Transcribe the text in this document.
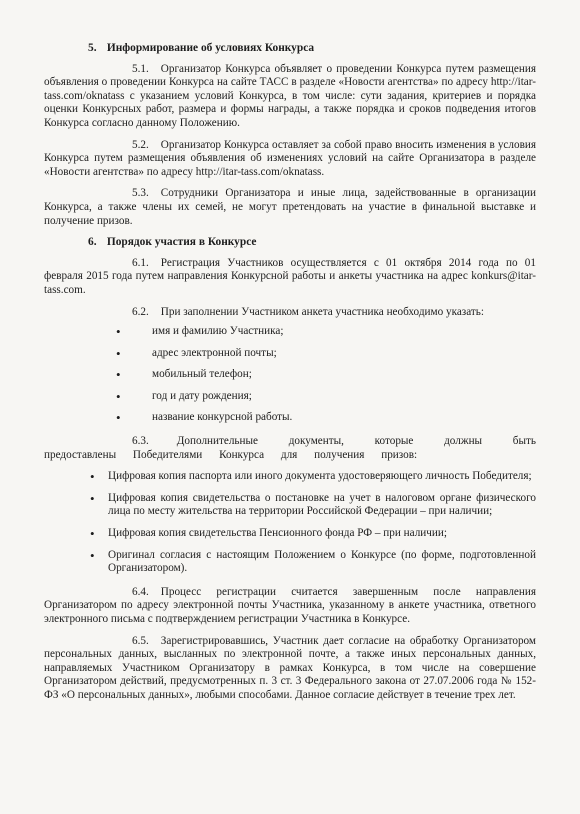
5. Информирование об условиях Конкурса

5.1. Организатор Конкурса объявляет о проведении Конкурса путем размещения объявления о проведении Конкурса на сайте ТАСС в разделе «Новости агентства» по адресу http://itar-tass.com/oknatass с указанием условий Конкурса, в том числе: сути задания, критериев и порядка оценки Конкурсных работ, размера и формы награды, а также порядка и сроков подведения итогов Конкурса согласно данному Положению.

5.2. Организатор Конкурса оставляет за собой право вносить изменения в условия Конкурса путем размещения объявления об изменениях условий на сайте Организатора в разделе «Новости агентства» по адресу http://itar-tass.com/oknatass.

5.3. Сотрудники Организатора и иные лица, задействованные в организации Конкурса, а также члены их семей, не могут претендовать на участие в финальной выставке и получение призов.

6. Порядок участия в Конкурсе

6.1. Регистрация Участников осуществляется с 01 октября 2014 года по 01 февраля 2015 года путем направления Конкурсной работы и анкеты участника на адрес konkurs@itar-tass.com.

6.2. При заполнении Участником анкета участника необходимо указать:

• имя и фамилию Участника;
• адрес электронной почты;
• мобильный телефон;
• год и дату рождения;
• название конкурсной работы.

6.3.	Дополнительные документы, которые должны быть предоставлены Победителями Конкурса для получения призов:

• Цифровая копия паспорта или иного документа удостоверяющего личность Победителя;
• Цифровая копия свидетельства о постановке на учет в налоговом органе физического лица по месту жительства на территории Российской Федерации – при наличии;
• Цифровая копия свидетельства Пенсионного фонда РФ – при наличии;
• Оригинал согласия с настоящим Положением о Конкурсе (по форме, подготовленной Организатором).

6.4. Процесс регистрации считается завершенным после направления Организатором по адресу электронной почты Участника, указанному в анкете участника, ответного электронного письма с подтверждением регистрации Участника в Конкурсе.

6.5. Зарегистрировавшись, Участник дает согласие на обработку Организатором персональных данных, высланных по электронной почте, а также иных персональных данных, направляемых Участником Организатору в рамках Конкурса, в том числе на совершение Организатором действий, предусмотренных п. 3 ст. 3 Федерального закона от 27.07.2006 года № 152-ФЗ «О персональных данных», любыми способами. Данное согласие действует в течение трех лет.
